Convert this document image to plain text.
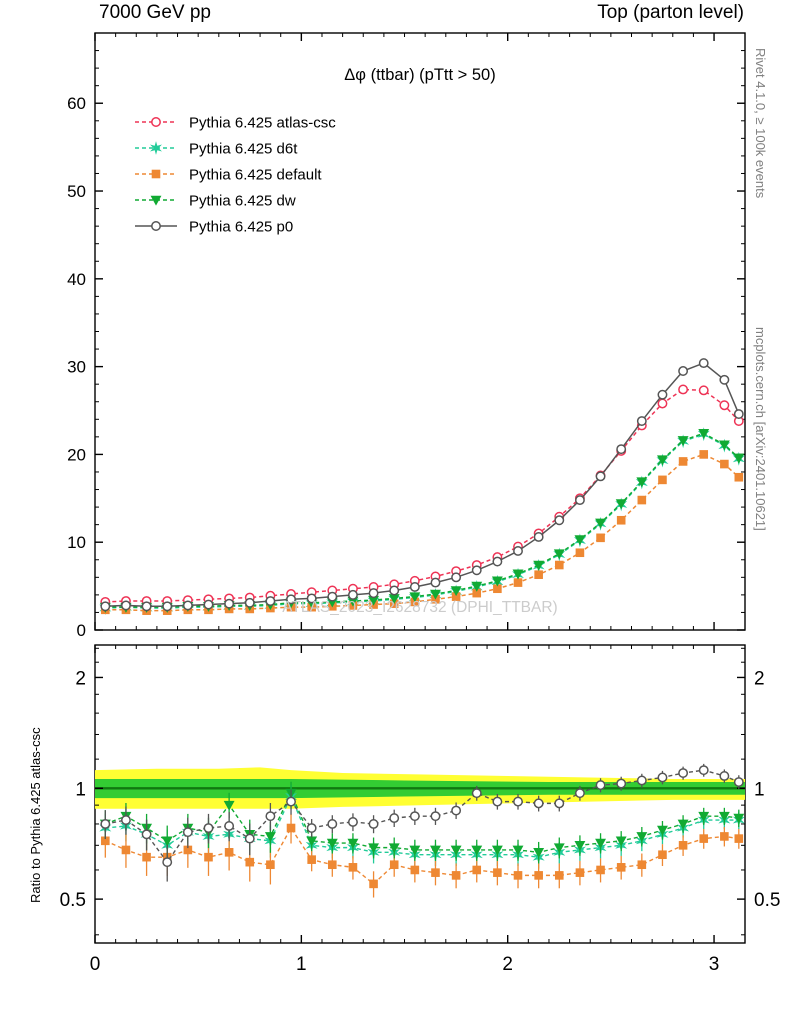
7000 GeV pp	Top (parton level)
Rivet 4.1.0, ≥ 100k events
mcplots.cern.ch [arXiv:2401.10621]
Ratio to Pythia 6.425 atlas-csc
0
10
20
30
40
50
60
0.5	0.5
1	1
2	2
0	1	2	3
Δφ (ttbar) (pTtt > 50)
ATLAS_2023_I2628732 (DPHI_TTBAR)
Pythia 6.425 atlas-csc
Pythia 6.425 d6t
Pythia 6.425 default
Pythia 6.425 dw
Pythia 6.425 p0
